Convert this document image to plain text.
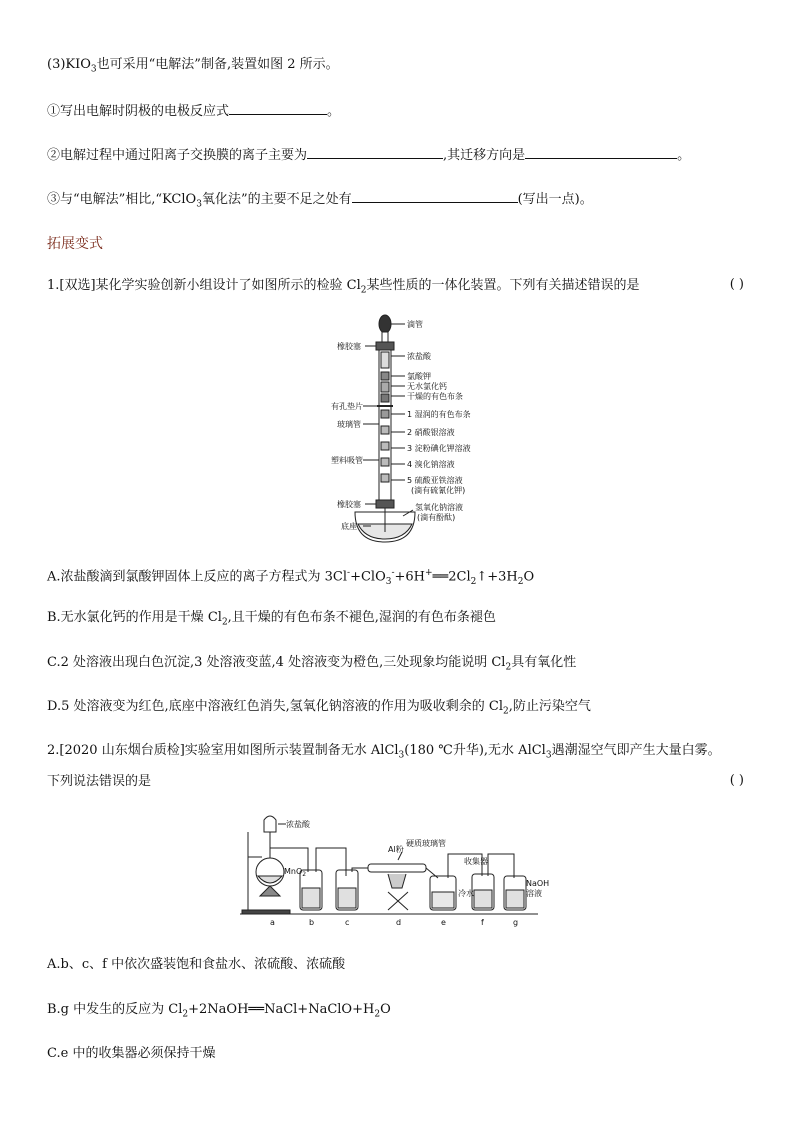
$(3)KIO_3$也可采用“电解法”制备,装置如图 2 所示。
①写出电解时阴极的电极反应式	。
②电解过程中通过阳离子交换膜的离子主要为	,其迁移方向是	。
③与“电解法”相比,“KClO$_3$氧化法”的主要不足之处有	(写出一点)。
拓展变式
1.[双选]某化学实验创新小组设计了如图所示的检验 $Cl_2$某些性质的一体化装置。下列有关描述错误的是	( )
滴管
浓盐酸
橡胶塞
氯酸钾
无水氯化钙
干燥的有色布条
有孔垫片
1 湿润的有色布条
玻璃管
2 硝酸银溶液
3 淀粉碘化钾溶液
塑料吸管	4 溴化钠溶液
5 硫酸亚铁溶液
(滴有硫氰化钾)
橡胶塞	氢氧化钠溶液
(滴有酚酞)
底座
A.浓盐酸滴到氯酸钾固体上反应的离子方程式为 $3Cl^-+ClO_3^-+6H^+══2Cl_2↑+3H_2O$
B.无水氯化钙的作用是干燥 $Cl_2$,且干燥的有色布条不褪色,湿润的有色布条褪色
C.2 处溶液出现白色沉淀,3 处溶液变蓝,4 处溶液变为橙色,三处现象均能说明 $Cl_2$具有氧化性
D.5 处溶液变为红色,底座中溶液红色消失,氢氧化钠溶液的作用为吸收剩余的 $Cl_2$,防止污染空气
2.[2020 山东烟台质检]实验室用如图所示装置制备无水 AlCl$_3$(180 ℃升华),无水 AlCl$_3$遇潮湿空气即产生大量白雾。
下列说法错误的是	( )
浓盐酸
MnO$_2$
Al粉
硬质玻璃管
收集器
冷水
NaOH
溶液
a	b	c	d	e	f	g
A.b、c、f 中依次盛装饱和食盐水、浓硫酸、浓硫酸
B.g 中发生的反应为 $Cl_2+2NaOH══NaCl+NaClO+H_2O$
C.e 中的收集器必须保持干燥
